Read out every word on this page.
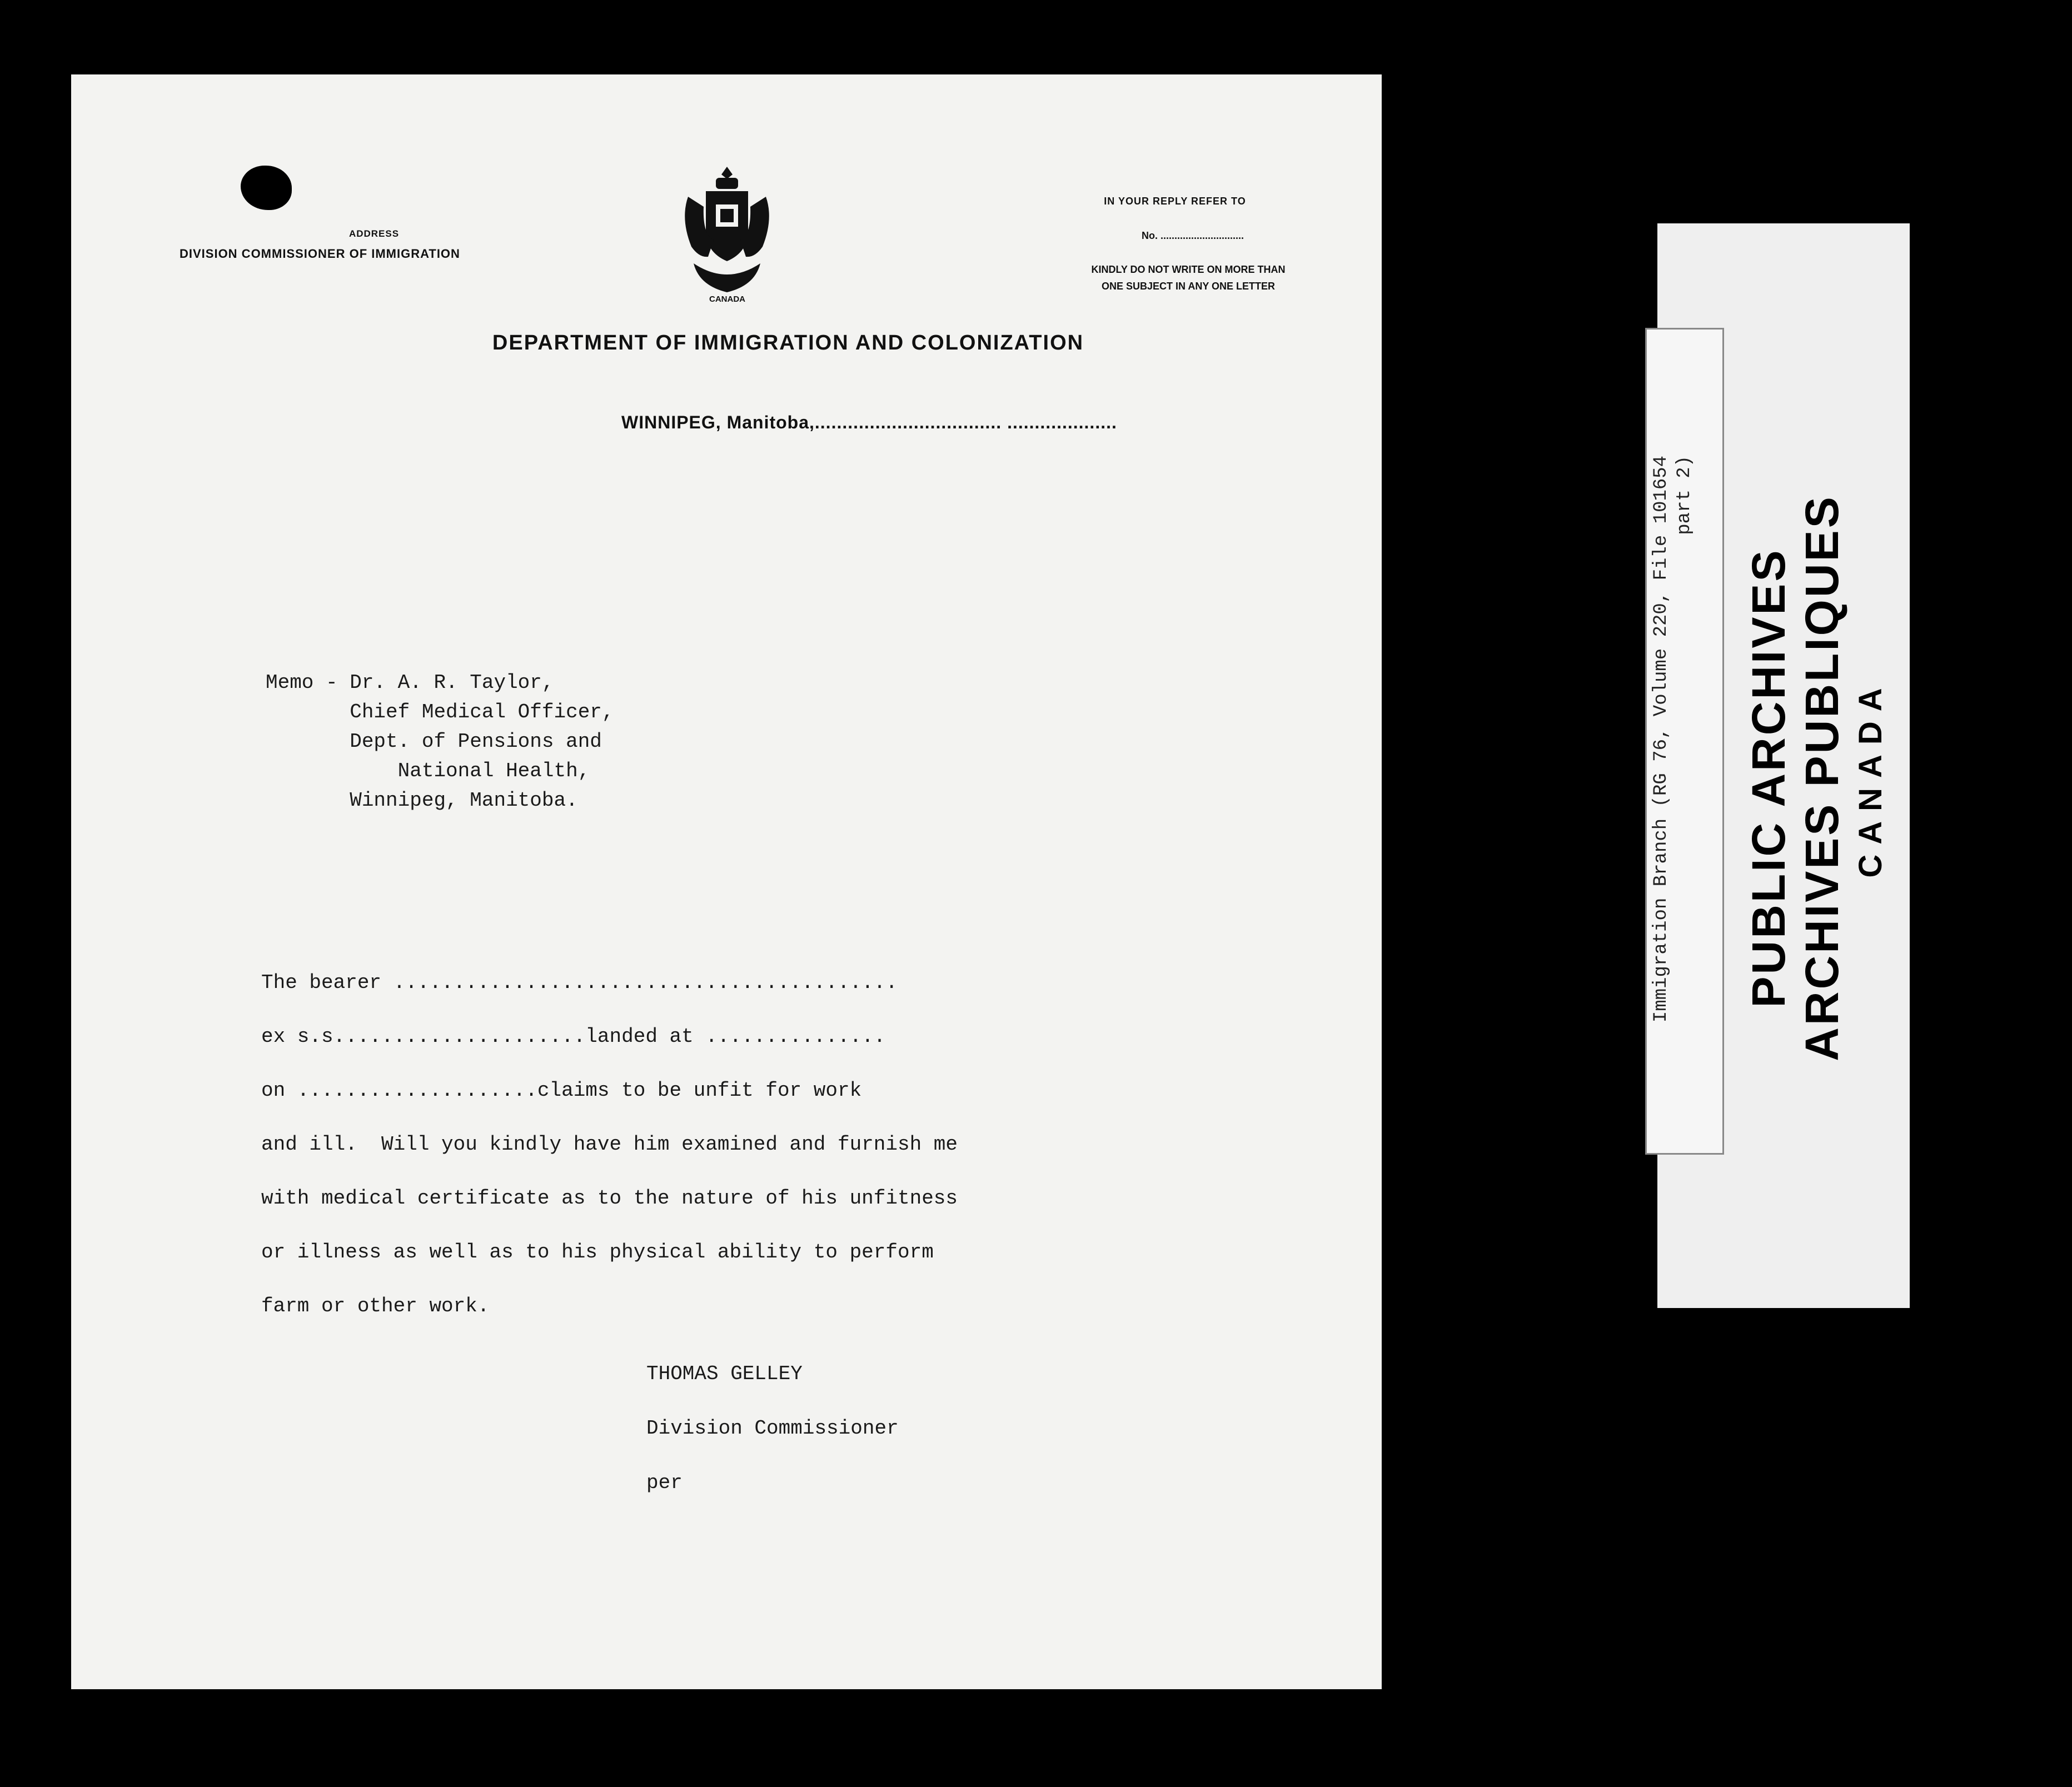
ADDRESS
DIVISION COMMISSIONER OF IMMIGRATION
CANADA
IN YOUR REPLY REFER TO
No. ..............................
KINDLY DO NOT WRITE ON MORE THAN
ONE SUBJECT IN ANY ONE LETTER
DEPARTMENT OF IMMIGRATION AND COLONIZATION
WINNIPEG, Manitoba,.................................. ....................
Memo - Dr. A. R. Taylor,
Chief Medical Officer,
Dept. of Pensions and
National Health,
Winnipeg, Manitoba.
The bearer ..........................................
ex s.s.....................landed at ...............
on ....................claims to be unfit for work
and ill.  Will you kindly have him examined and furnish me
with medical certificate as to the nature of his unfitness
or illness as well as to his physical ability to perform
farm or other work.
THOMAS GELLEY
Division Commissioner
per
Immigration Branch (RG 76, Volume 220, File 101654 part 2)
PUBLIC ARCHIVES ARCHIVES PUBLIQUES CANADA
